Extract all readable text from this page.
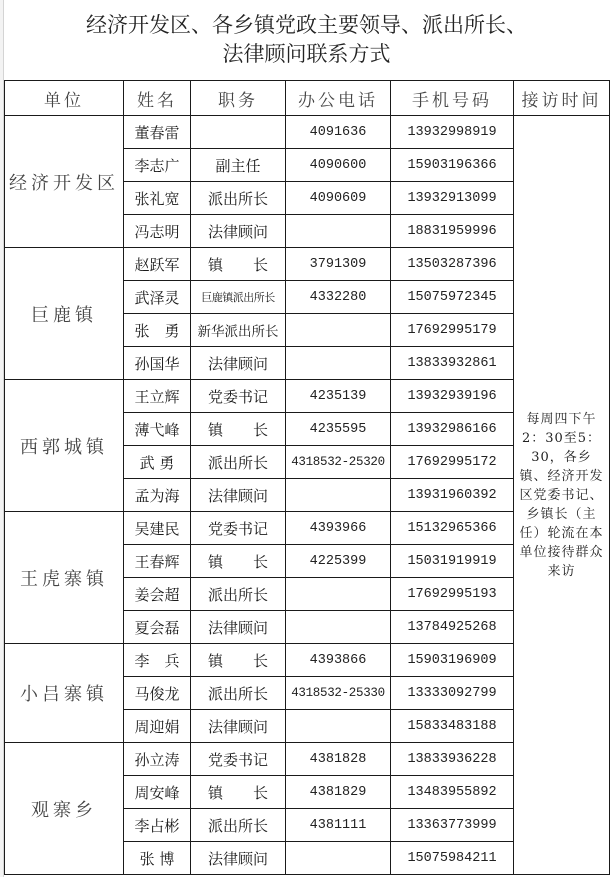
经济开发区、各乡镇党政主要领导、派出所长、
法律顾问联系方式
单位	姓名	职务	办公电话	手机号码	接访时间
经济开发区	董春雷		4091636	13932998919	每周四下午2：30至5：30，各乡镇、经济开发区党委书记、乡镇长（主任）轮流在本单位接待群众来访
	李志广	副主任	4090600	15903196366	
	张礼宽	派出所长	4090609	13932913099	
	冯志明	法律顾问		18831959996	
巨鹿镇	赵跃军	镇　　长	3791309	13503287396	
	武泽灵	巨鹿镇派出所长	4332280	15075972345	
	张　勇	新华派出所长		17692995179	
	孙国华	法律顾问		13833932861	
西郭城镇	王立辉	党委书记	4235139	13932939196	
	薄弋峰	镇　　长	4235595	13932986166	
	武 勇	派出所长	4318532-25320	17692995172	
	孟为海	法律顾问		13931960392	
王虎寨镇	吴建民	党委书记	4393966	15132965366	
	王春辉	镇　　长	4225399	15031919919	
	姜会超	派出所长		17692995193	
	夏会磊	法律顾问		13784925268	
小吕寨镇	李　兵	镇　　长	4393866	15903196909	
	马俊龙	派出所长	4318532-25330	13333092799	
	周迎娟	法律顾问		15833483188	
观寨乡	孙立涛	党委书记	4381828	13833936228	
	周安峰	镇　　长	4381829	13483955892	
	李占彬	派出所长	4381111	13363773999	
	张 博	法律顾问		15075984211	
